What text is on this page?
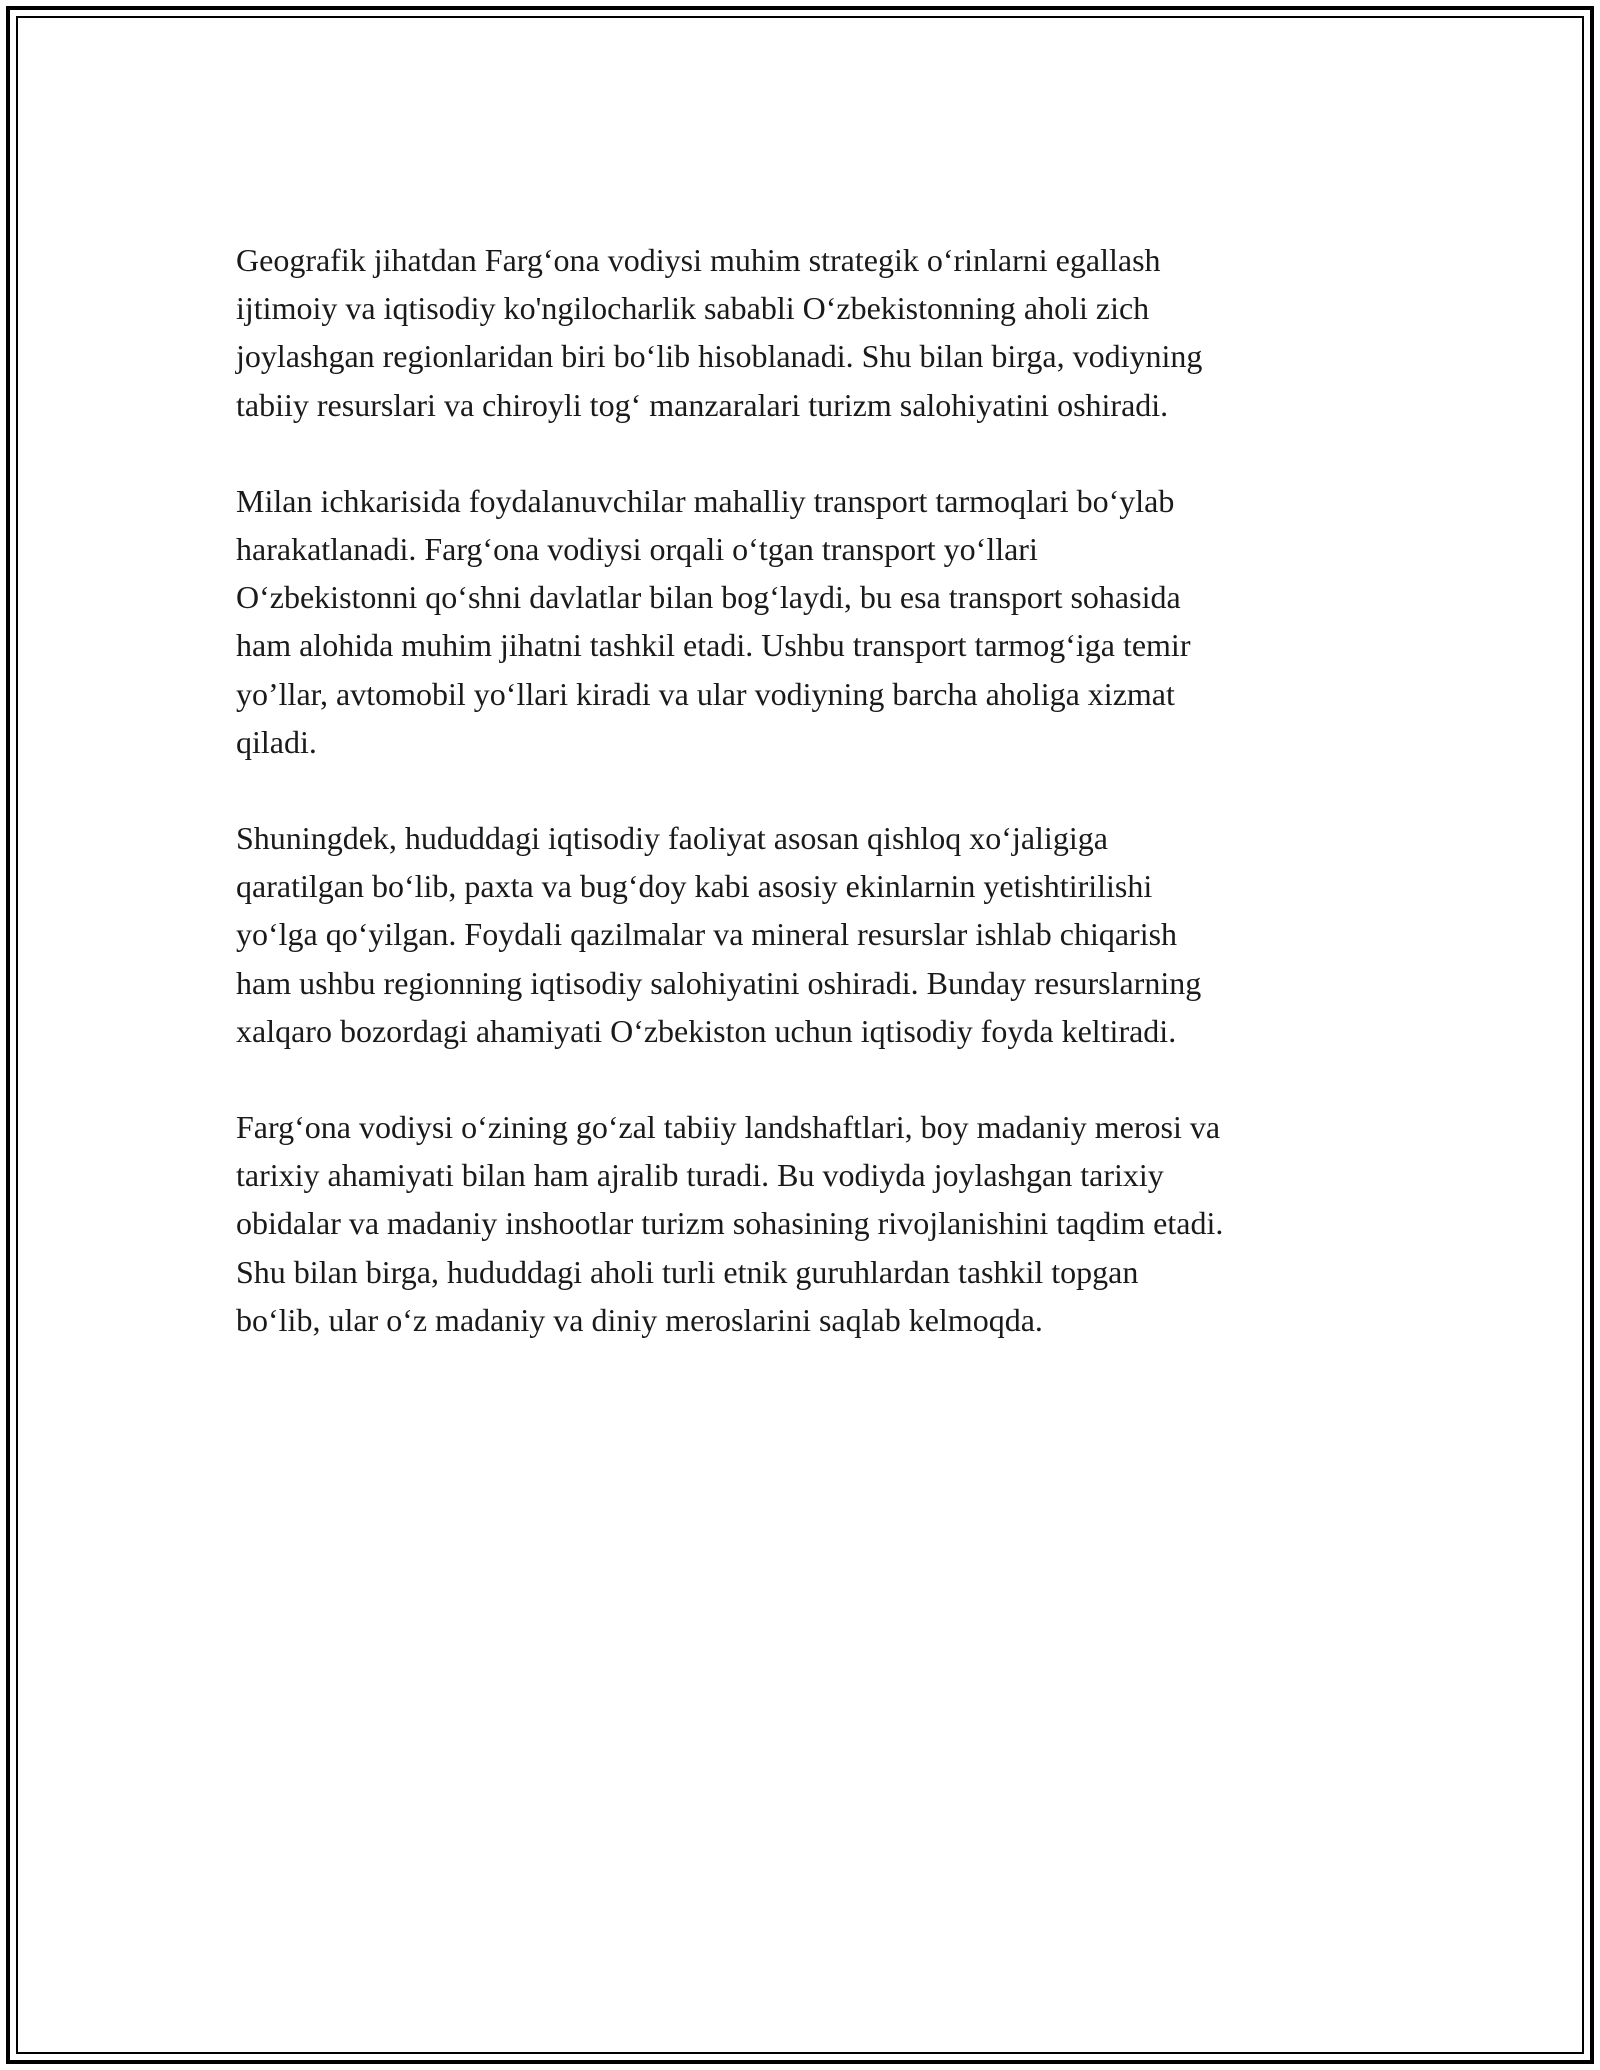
Geografik jihatdan Farg‘ona vodiysi muhim strategik o‘rinlarni egallash
ijtimoiy va iqtisodiy ko'ngilocharlik sababli O‘zbekistonning aholi zich
joylashgan regionlaridan biri bo‘lib hisoblanadi. Shu bilan birga, vodiyning
tabiiy resurslari va chiroyli tog‘ manzaralari turizm salohiyatini oshiradi.

Milan ichkarisida foydalanuvchilar mahalliy transport tarmoqlari bo‘ylab
harakatlanadi. Farg‘ona vodiysi orqali o‘tgan transport yo‘llari
O‘zbekistonni qo‘shni davlatlar bilan bog‘laydi, bu esa transport sohasida
ham alohida muhim jihatni tashkil etadi. Ushbu transport tarmog‘iga temir
yo’llar, avtomobil yo‘llari kiradi va ular vodiyning barcha aholiga xizmat
qiladi.

Shuningdek, hududdagi iqtisodiy faoliyat asosan qishloq xo‘jaligiga
qaratilgan bo‘lib, paxta va bug‘doy kabi asosiy ekinlarnin yetishtirilishi
yo‘lga qo‘yilgan. Foydali qazilmalar va mineral resurslar ishlab chiqarish
ham ushbu regionning iqtisodiy salohiyatini oshiradi. Bunday resurslarning
xalqaro bozordagi ahamiyati O‘zbekiston uchun iqtisodiy foyda keltiradi.

Farg‘ona vodiysi o‘zining go‘zal tabiiy landshaftlari, boy madaniy merosi va
tarixiy ahamiyati bilan ham ajralib turadi. Bu vodiyda joylashgan tarixiy
obidalar va madaniy inshootlar turizm sohasining rivojlanishini taqdim etadi.
Shu bilan birga, hududdagi aholi turli etnik guruhlardan tashkil topgan
bo‘lib, ular o‘z madaniy va diniy meroslarini saqlab kelmoqda.
